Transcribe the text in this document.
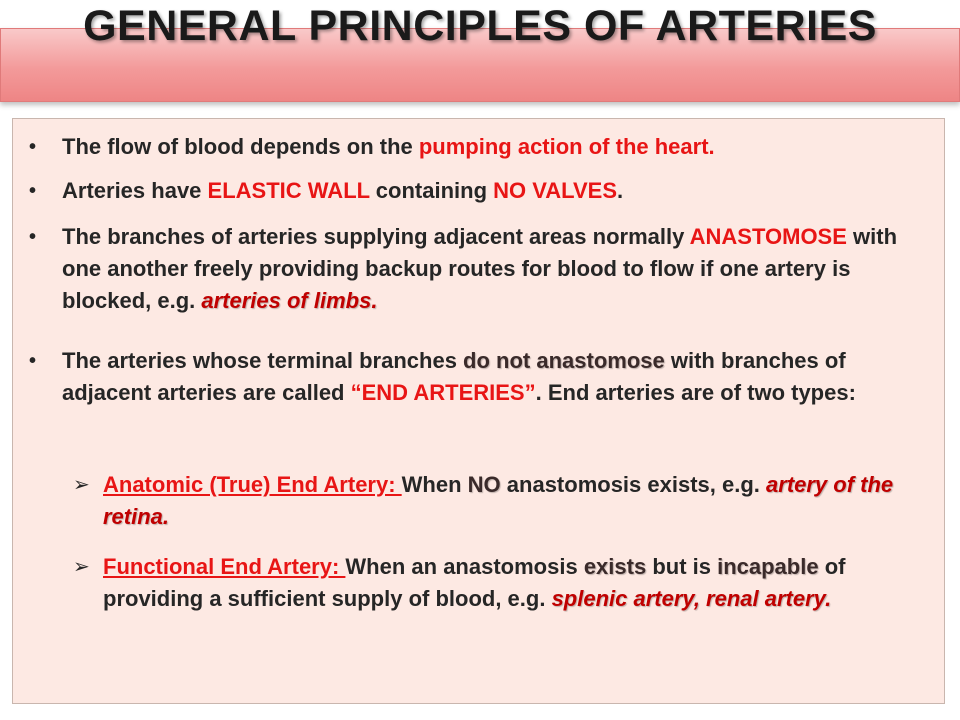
GENERAL PRINCIPLES OF ARTERIES
• The flow of blood depends on the pumping action of the heart.
• Arteries have ELASTIC WALL containing NO VALVES.
• The branches of arteries supplying adjacent areas normally ANASTOMOSE with one another freely providing backup routes for blood to flow if one artery is blocked, e.g. arteries of limbs.
• The arteries whose terminal branches do not anastomose with branches of adjacent arteries are called “END ARTERIES”. End arteries are of two types:
➢ Anatomic (True) End Artery: When NO anastomosis exists, e.g. artery of the retina.
➢ Functional End Artery: When an anastomosis exists but is incapable of providing a sufficient supply of blood, e.g. splenic artery, renal artery.
